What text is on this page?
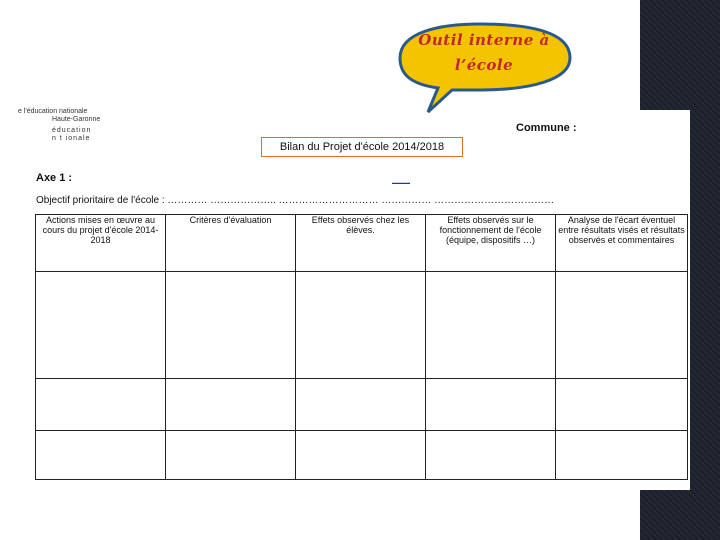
Outil interne à
l’école
e l'éducation nationale
Haute-Garonne
éducation
n t ionale
Commune :
Bilan du Projet d'école 2014/2018
Axe 1 :	________
Objectif prioritaire de l'école : ………… ……………….. ………………………… …………… ………………………………
Actions mises en œuvre au cours du projet d'école 2014-2018	Critères d'évaluation	Effets observés chez les élèves.	Effets observés sur le fonctionnement de l'école (équipe, dispositifs …)	Analyse de l'écart éventuel entre résultats visés et résultats observés et commentaires
